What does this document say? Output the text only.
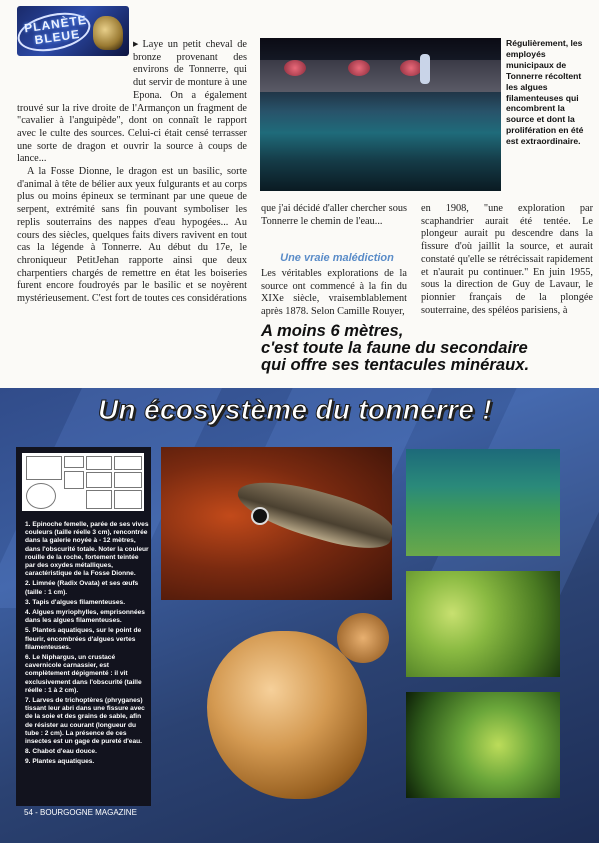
PLANÈTE
BLEUE

▶	Laye un petit cheval de bronze provenant des environs de Tonnerre, qui dut servir de monture à une Epona. On a également trouvé sur la rive droite de l'Armançon un fragment de "cavalier à l'anguipède", dont on connaît le rapport avec le culte des sources. Celui-ci était censé terrasser une sorte de dragon et ouvrir la source à coups de lance...

A la Fosse Dionne, le dragon est un basilic, sorte d'animal à tête de bélier aux yeux fulgurants et au corps plus ou moins épineux se terminant par une queue de serpent, extrémité sans fin pouvant symboliser les replis souterrains des nappes d'eau hypogées... Au cours des siècles, quelques faits divers ravivent en tout cas la légende à Tonnerre. Au début du 17e, le chroniqueur PetitJehan rapporte ainsi que deux charpentiers chargés de remettre en état les boiseries furent encore foudroyés par le basilic et se noyèrent mystérieusement. C'est fort de toutes ces considérations

Régulièrement, les employés municipaux de Tonnerre récoltent les algues filamenteuses qui encombrent la source et dont la prolifération en été est extraordinaire.
que j'ai décidé d'aller chercher sous Tonnerre le chemin de l'eau...
Une vraie malédiction
Les véritables explorations de la source ont commencé à la fin du XIXe siècle, vraisemblablement après 1878. Selon Camille Rouyer,
en 1908, "une exploration par scaphandrier aurait été tentée. Le plongeur aurait pu descendre dans la fissure d'où jaillit la source, et aurait constaté qu'elle se rétrécissait rapidement et n'aurait pu continuer." En juin 1955, sous la direction de Guy de Lavaur, le pionnier français de la plongée souterraine, des spéléos parisiens, à
A moins 6 mètres,
c'est toute la faune du secondaire
qui offre ses tentacules minéraux.
Un écosystème du tonnerre !

1. Epinoche femelle, parée de ses vives couleurs (taille réelle 3 cm), rencontrée dans la galerie noyée à - 12 mètres, dans l'obscurité totale. Noter la couleur rouille de la roche, fortement teintée par des oxydes métalliques, caractéristique de la Fosse Dionne.

2. Limnée (Radix Ovata) et ses œufs (taille : 1 cm).

3. Tapis d'algues filamenteuses.

4. Algues myriophylles, emprisonnées dans les algues filamenteuses.

5. Plantes aquatiques, sur le point de fleurir, encombrées d'algues vertes filamenteuses.

6. Le Niphargus, un crustacé cavernicole carnassier, est complètement dépigmenté : il vit exclusivement dans l'obscurité (taille réelle : 1 à 2 cm).

7. Larves de trichoptères (phryganes) tissant leur abri dans une fissure avec de la soie et des grains de sable, afin de résister au courant (longueur du tube : 2 cm). La présence de ces insectes est un gage de pureté d'eau.

8. Chabot d'eau douce.

9. Plantes aquatiques.

54 - BOURGOGNE MAGAZINE
